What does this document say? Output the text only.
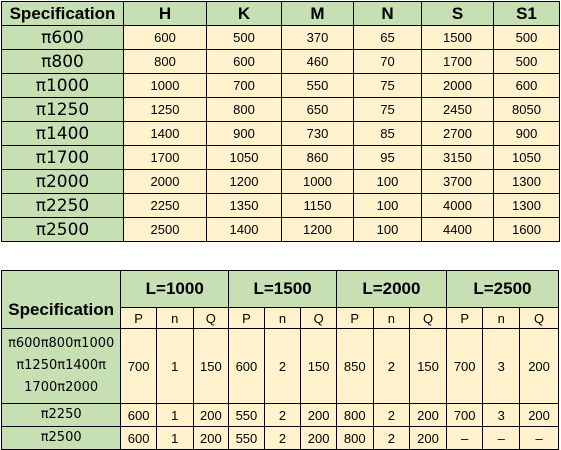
Specification	H	K	M	N	S	S1
π600	600	500	370	65	1500	500
π800	800	600	460	70	1700	500
π1000	1000	700	550	75	2000	600
π1250	1250	800	650	75	2450	8050
π1400	1400	900	730	85	2700	900
π1700	1700	1050	860	95	3150	1050
π2000	2000	1200	1000	100	3700	1300
π2250	2250	1350	1150	100	4000	1300
π2500	2500	1400	1200	100	4400	1600
Specification	L=1000			L=1500			L=2000			L=2500		
	P	n	Q	P	n	Q	P	n	Q	P	n	Q

π600π800π1000
π1250π1400π
1700π2000	700	1	150	600	2	150	850	2	150	700	3	200
π2250	600	1	200	550	2	200	800	2	200	700	3	200
π2500	600	1	200	550	2	200	800	2	200	–	–	–
